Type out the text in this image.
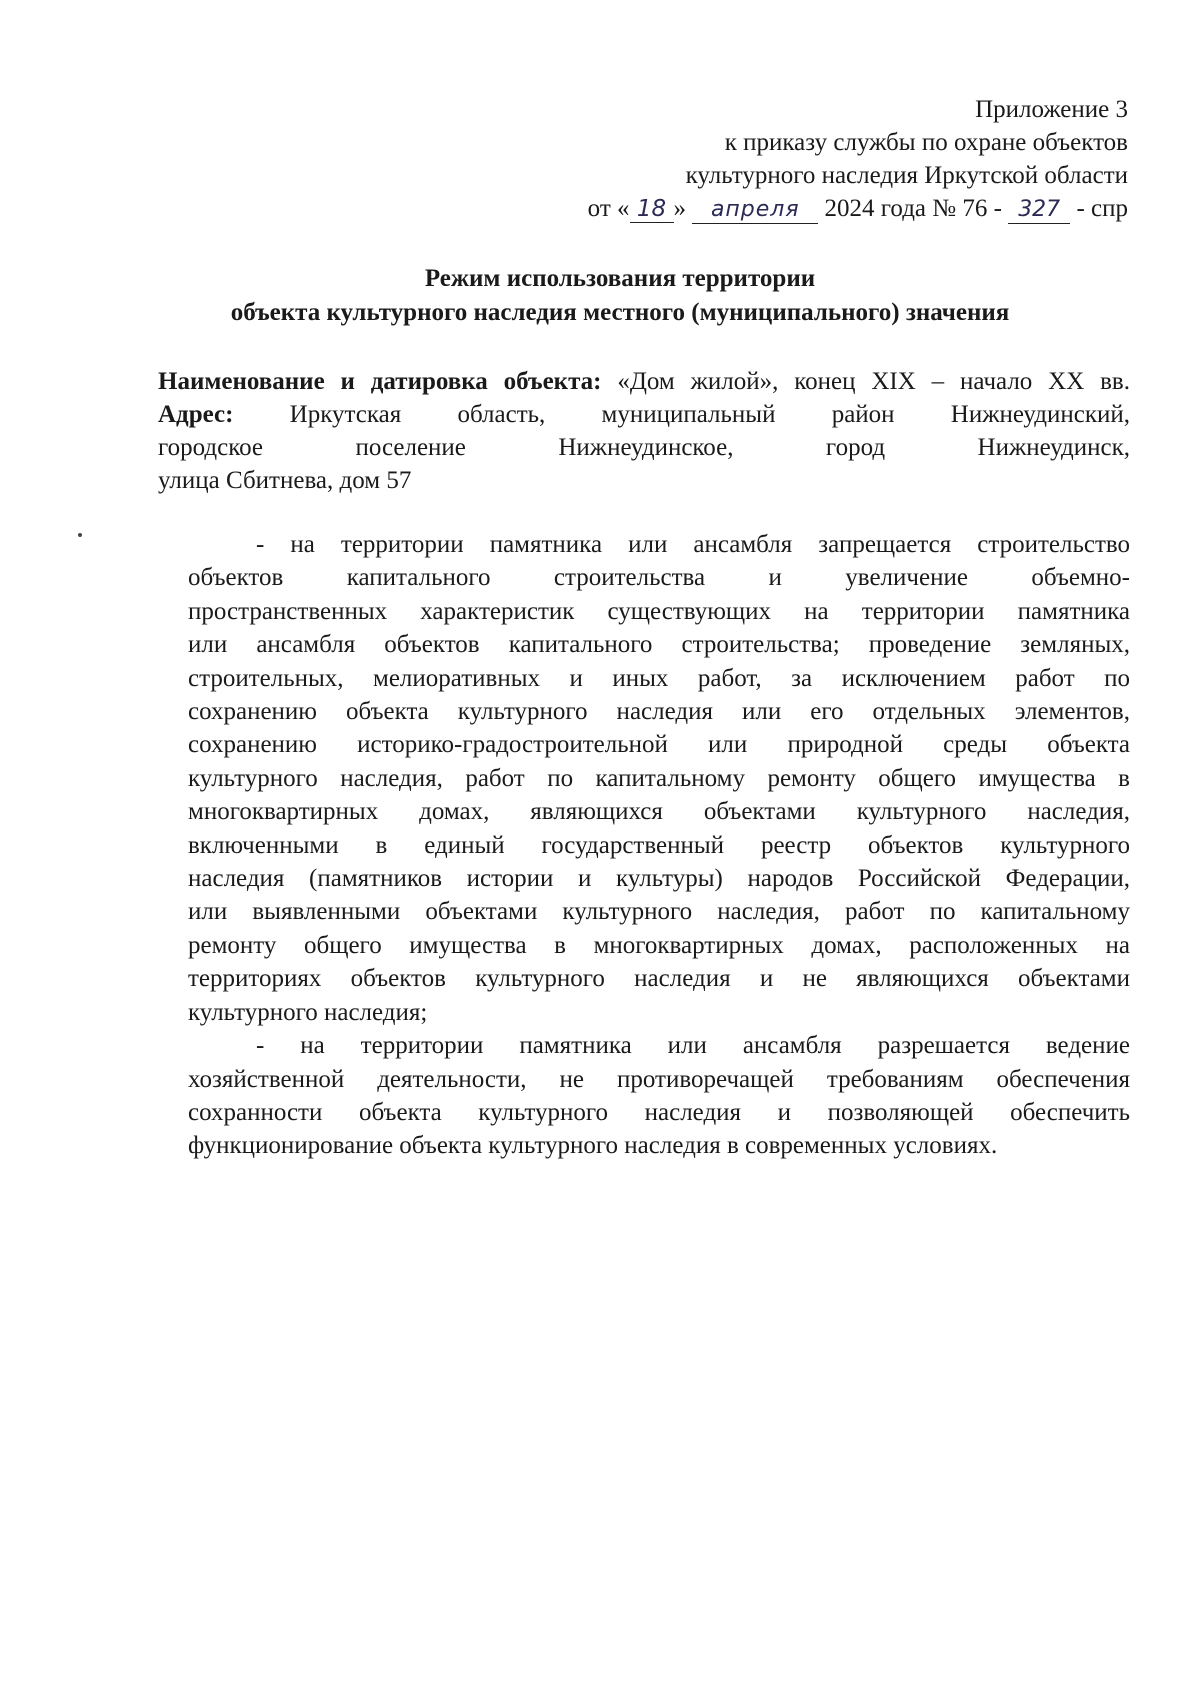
Приложение 3
к приказу службы по охране объектов
культурного наследия Иркутской области
от « 18 » апреля 2024 года № 76 - 327 - спр
Режим использования территории
объекта культурного наследия местного (муниципального) значения
Наименование и датировка объекта: «Дом жилой», конец XIX – начало XX вв.
Адрес: Иркутская область, муниципальный район Нижнеудинский,
городское поселение Нижнеудинское, город Нижнеудинск,
улица Сбитнева, дом 57
- на территории памятника или ансамбля запрещается строительство
объектов капитального строительства и увеличение объемно-
пространственных характеристик существующих на территории памятника
или ансамбля объектов капитального строительства; проведение земляных,
строительных, мелиоративных и иных работ, за исключением работ по
сохранению объекта культурного наследия или его отдельных элементов,
сохранению историко-градостроительной или природной среды объекта
культурного наследия, работ по капитальному ремонту общего имущества в
многоквартирных домах, являющихся объектами культурного наследия,
включенными в единый государственный реестр объектов культурного
наследия (памятников истории и культуры) народов Российской Федерации,
или выявленными объектами культурного наследия, работ по капитальному
ремонту общего имущества в многоквартирных домах, расположенных на
территориях объектов культурного наследия и не являющихся объектами
культурного наследия;
- на территории памятника или ансамбля разрешается ведение
хозяйственной деятельности, не противоречащей требованиям обеспечения
сохранности объекта культурного наследия и позволяющей обеспечить
функционирование объекта культурного наследия в современных условиях.
